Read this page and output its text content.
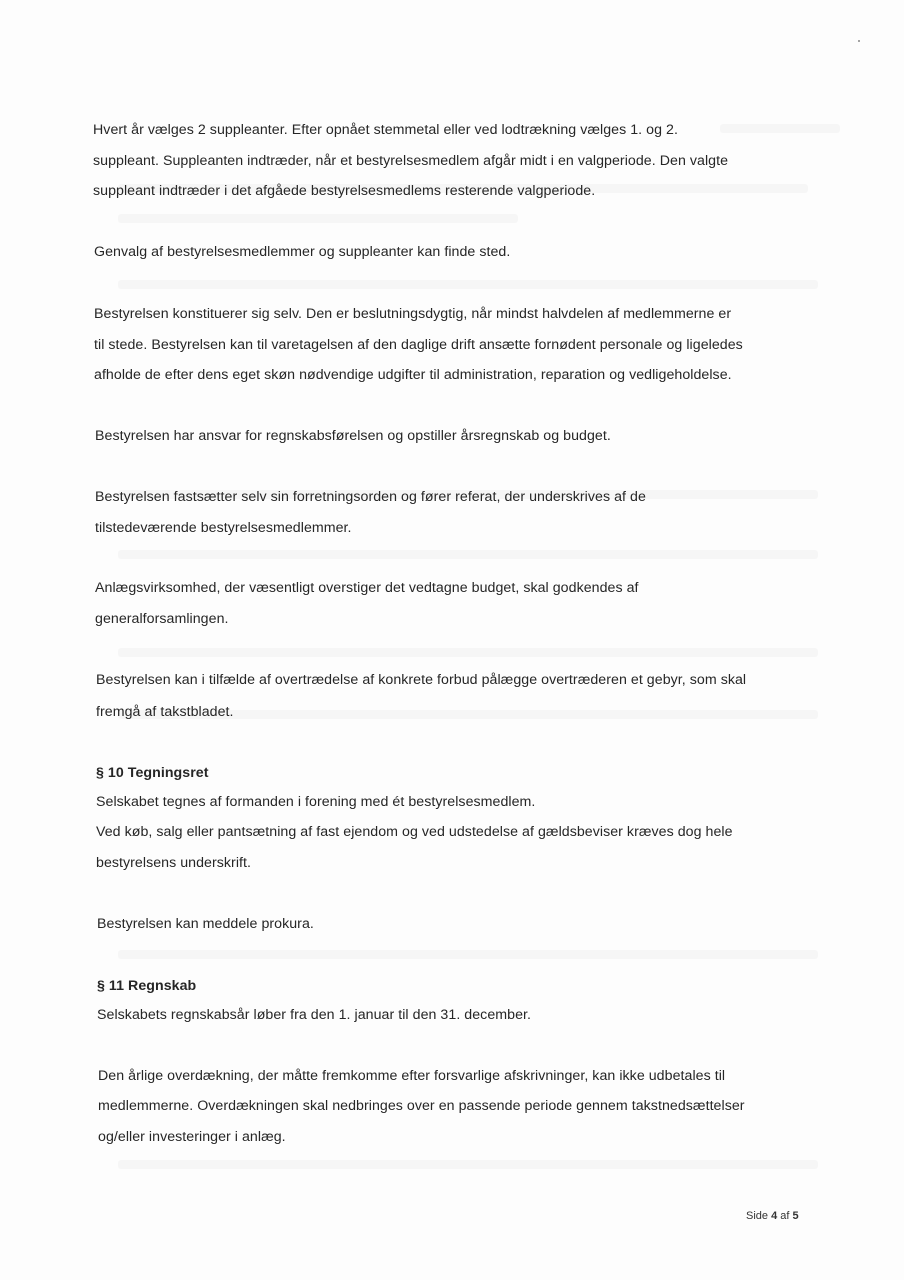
Hvert år vælges 2 suppleanter. Efter opnået stemmetal eller ved lodtrækning vælges 1. og 2.
suppleant. Suppleanten indtræder, når et bestyrelsesmedlem afgår midt i en valgperiode. Den valgte
suppleant indtræder i det afgåede bestyrelsesmedlems resterende valgperiode.
Genvalg af bestyrelsesmedlemmer og suppleanter kan finde sted.
Bestyrelsen konstituerer sig selv. Den er beslutningsdygtig, når mindst halvdelen af medlemmerne er
til stede. Bestyrelsen kan til varetagelsen af den daglige drift ansætte fornødent personale og ligeledes
afholde de efter dens eget skøn nødvendige udgifter til administration, reparation og vedligeholdelse.
Bestyrelsen har ansvar for regnskabsførelsen og opstiller årsregnskab og budget.
Bestyrelsen fastsætter selv sin forretningsorden og fører referat, der underskrives af de
tilstedeværende bestyrelsesmedlemmer.
Anlægsvirksomhed, der væsentligt overstiger det vedtagne budget, skal godkendes af
generalforsamlingen.
Bestyrelsen kan i tilfælde af overtrædelse af konkrete forbud pålægge overtræderen et gebyr, som skal
fremgå af takstbladet.
§ 10 Tegningsret
Selskabet tegnes af formanden i forening med ét bestyrelsesmedlem.
Ved køb, salg eller pantsætning af fast ejendom og ved udstedelse af gældsbeviser kræves dog hele
bestyrelsens underskrift.
Bestyrelsen kan meddele prokura.
§ 11 Regnskab
Selskabets regnskabsår løber fra den 1. januar til den 31. december.
Den årlige overdækning, der måtte fremkomme efter forsvarlige afskrivninger, kan ikke udbetales til
medlemmerne. Overdækningen skal nedbringes over en passende periode gennem takstnedsættelser
og/eller investeringer i anlæg.
Side 4 af 5
